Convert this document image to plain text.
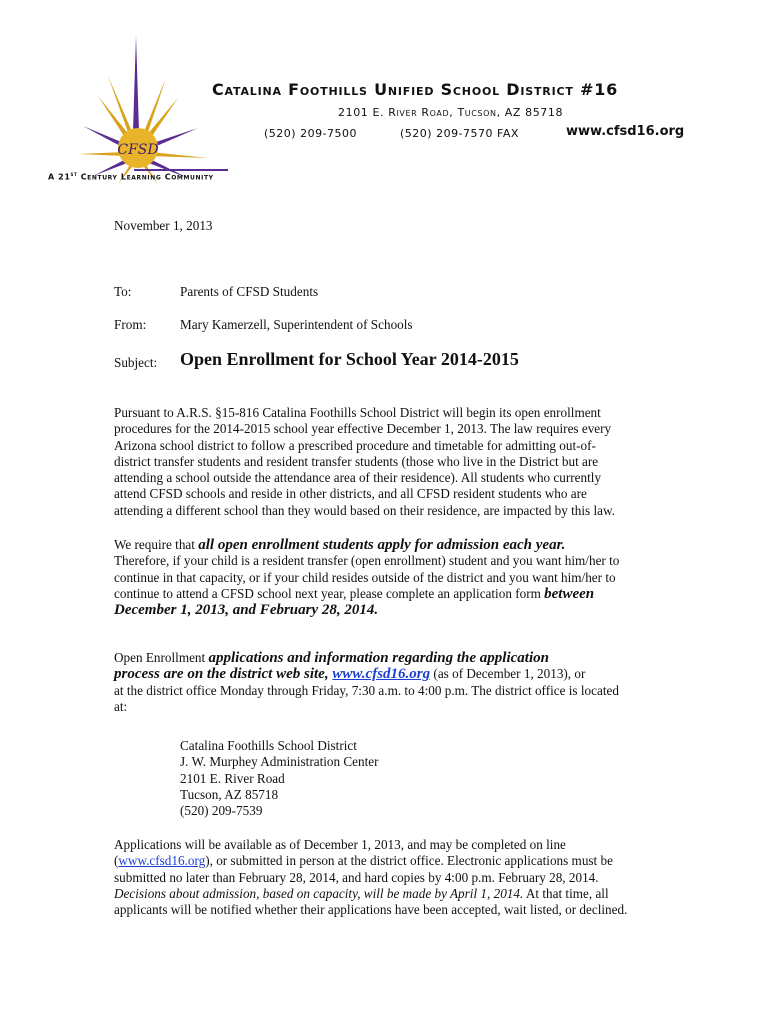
CFSD
Catalina Foothills Unified School District #16
2101 E. River Road, Tucson, AZ 85718
(520) 209-7500	(520) 209-7570 FAX	www.cfsd16.org
A 21st Century Learning Community
November 1, 2013
To:	Parents of CFSD Students
From:	Mary Kamerzell, Superintendent of Schools
Subject: Open Enrollment for School Year 2014-2015
Pursuant to A.R.S. §15-816 Catalina Foothills School District will begin its open enrollment
procedures for the 2014-2015 school year effective December 1, 2013. The law requires every
Arizona school district to follow a prescribed procedure and timetable for admitting out-of-
district transfer students and resident transfer students (those who live in the District but are
attending a school outside the attendance area of their residence). All students who currently
attend CFSD schools and reside in other districts, and all CFSD resident students who are
attending a different school than they would based on their residence, are impacted by this law.
We require that all open enrollment students apply for admission each year.
Therefore, if your child is a resident transfer (open enrollment) student and you want him/her to
continue in that capacity, or if your child resides outside of the district and you want him/her to
continue to attend a CFSD school next year, please complete an application form between
December 1, 2013, and February 28, 2014.
Open Enrollment applications and information regarding the application
process are on the district web site, www.cfsd16.org (as of December 1, 2013), or
at the district office Monday through Friday, 7:30 a.m. to 4:00 p.m. The district office is located
at:
Catalina Foothills School District
J. W. Murphey Administration Center
2101 E. River Road
Tucson, AZ 85718
(520) 209-7539
Applications will be available as of December 1, 2013, and may be completed on line
(www.cfsd16.org), or submitted in person at the district office. Electronic applications must be
submitted no later than February 28, 2014, and hard copies by 4:00 p.m. February 28, 2014.
Decisions about admission, based on capacity, will be made by April 1, 2014. At that time, all
applicants will be notified whether their applications have been accepted, wait listed, or declined.
